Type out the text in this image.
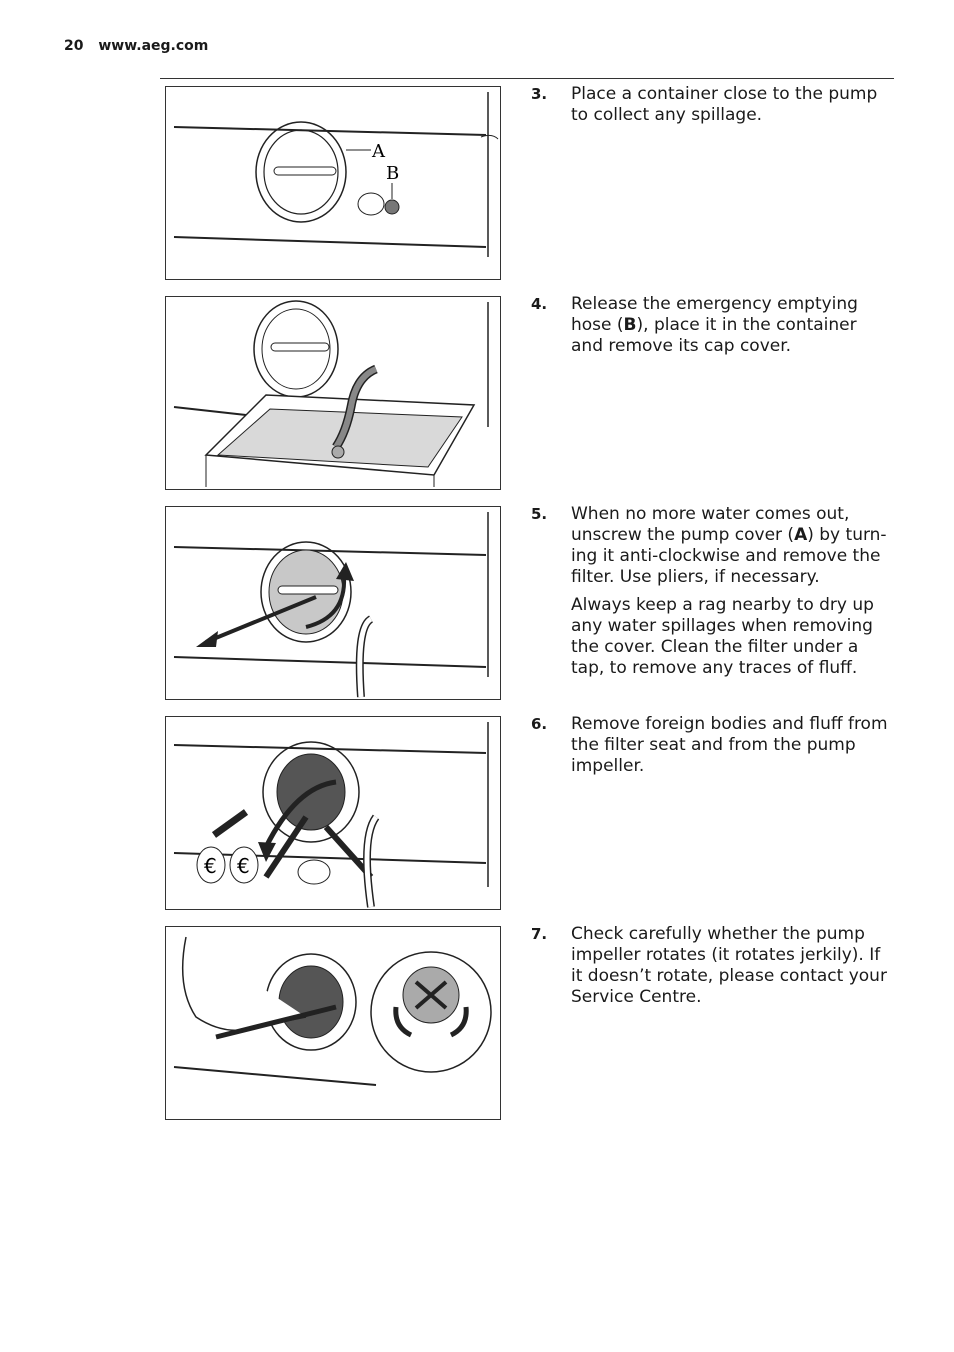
20 www.aeg.com
A
B
€ €
3. Place a container close to the pump to collect any spillage.

4. Release the emergency emptying hose (B), place it in the container and remove its cap cover.

5. When no more water comes out, unscrew the pump cover (A) by turn-ing it anti-clockwise and remove the filter. Use pliers, if necessary.

Always keep a rag nearby to dry up any water spillages when removing the cover. Clean the filter under a tap, to remove any traces of fluff.

6. Remove foreign bodies and fluff from the filter seat and from the pump impeller.

7. Check carefully whether the pump impeller rotates (it rotates jerkily). If it doesn’t rotate, please contact your Service Centre.
